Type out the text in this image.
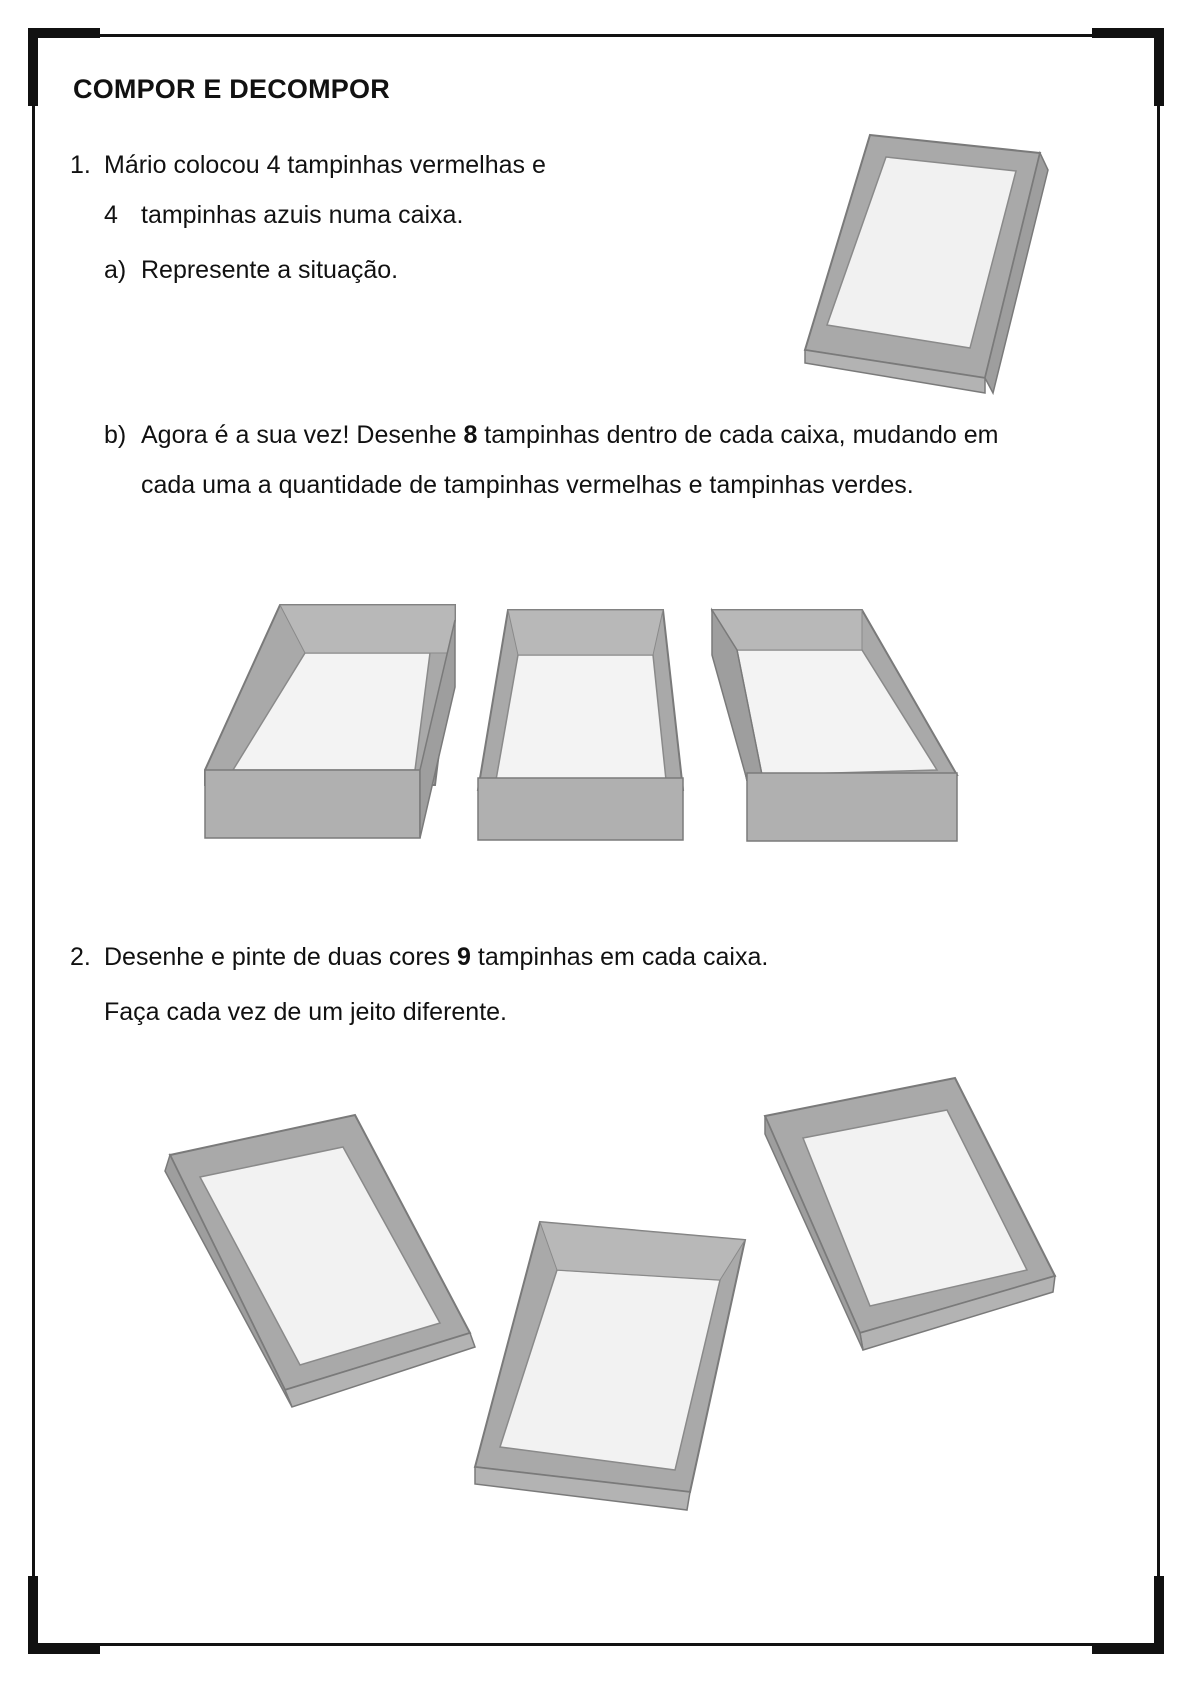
COMPOR E DECOMPOR
1. Mário colocou 4 tampinhas vermelhas e
4 tampinhas azuis numa caixa.
a) Represente a situação.
b) Agora é a sua vez! Desenhe 8 tampinhas dentro de cada caixa, mudando em
cada uma a quantidade de tampinhas vermelhas e tampinhas verdes.
2. Desenhe e pinte de duas cores 9 tampinhas em cada caixa.
Faça cada vez de um jeito diferente.
